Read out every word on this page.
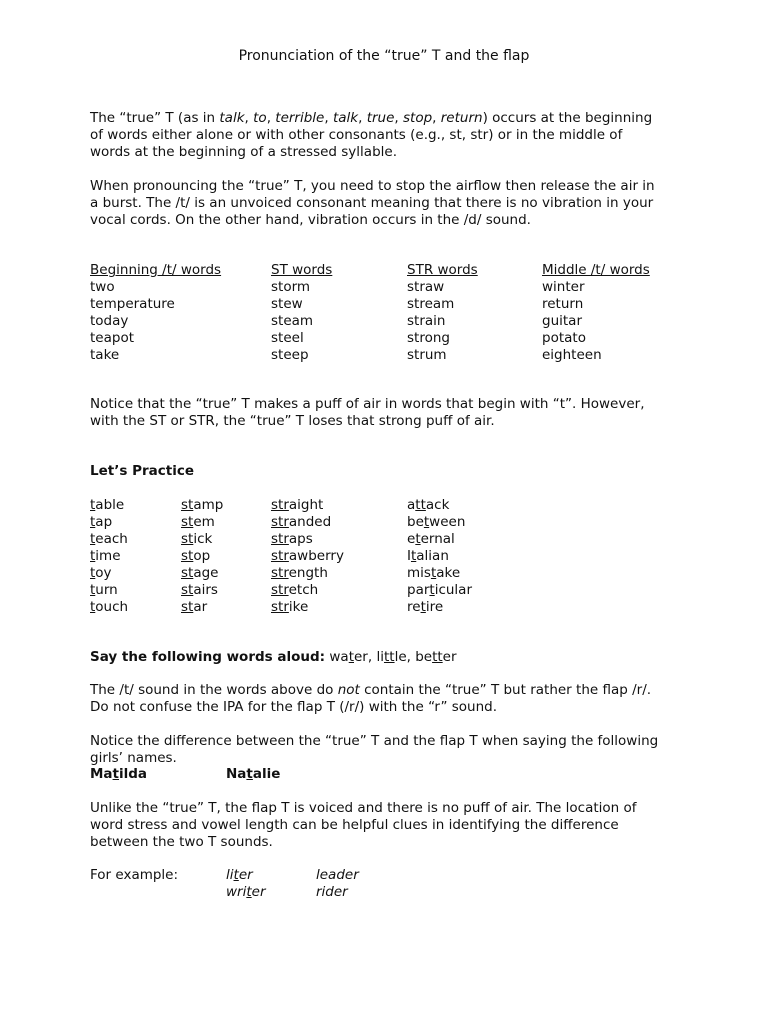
Pronunciation of the “true” T and the flap
The “true” T (as in talk, to, terrible, talk, true, stop, return) occurs at the beginning
of words either alone or with other consonants (e.g., st, str) or in the middle of
words at the beginning of a stressed syllable.
When pronouncing the “true” T, you need to stop the airflow then release the air in
a burst. The /t/ is an unvoiced consonant meaning that there is no vibration in your
vocal cords. On the other hand, vibration occurs in the /d/ sound.
Beginning /t/ words
two
temperature
today
teapot
take
ST words
storm
stew
steam
steel
steep
STR words
straw
stream
strain
strong
strum
Middle /t/ words
winter
return
guitar
potato
eighteen
Notice that the “true” T makes a puff of air in words that begin with “t”. However,
with the ST or STR, the “true” T loses that strong puff of air.
Let’s Practice
table
tap
teach
time
toy
turn
touch
stamp
stem
stick
stop
stage
stairs
star
straight
stranded
straps
strawberry
strength
stretch
strike
attack
between
eternal
Italian
mistake
particular
retire
Say the following words aloud: water, little, better
The /t/ sound in the words above do not contain the “true” T but rather the flap /r/.
Do not confuse the IPA for the flap T (/r/) with the “r” sound.
Notice the difference between the “true” T and the flap T when saying the following
girls’ names.
Matilda	Natalie
Unlike the “true” T, the flap T is voiced and there is no puff of air. The location of
word stress and vowel length can be helpful clues in identifying the difference
between the two T sounds.
For example:	liter
writer
leader
rider
